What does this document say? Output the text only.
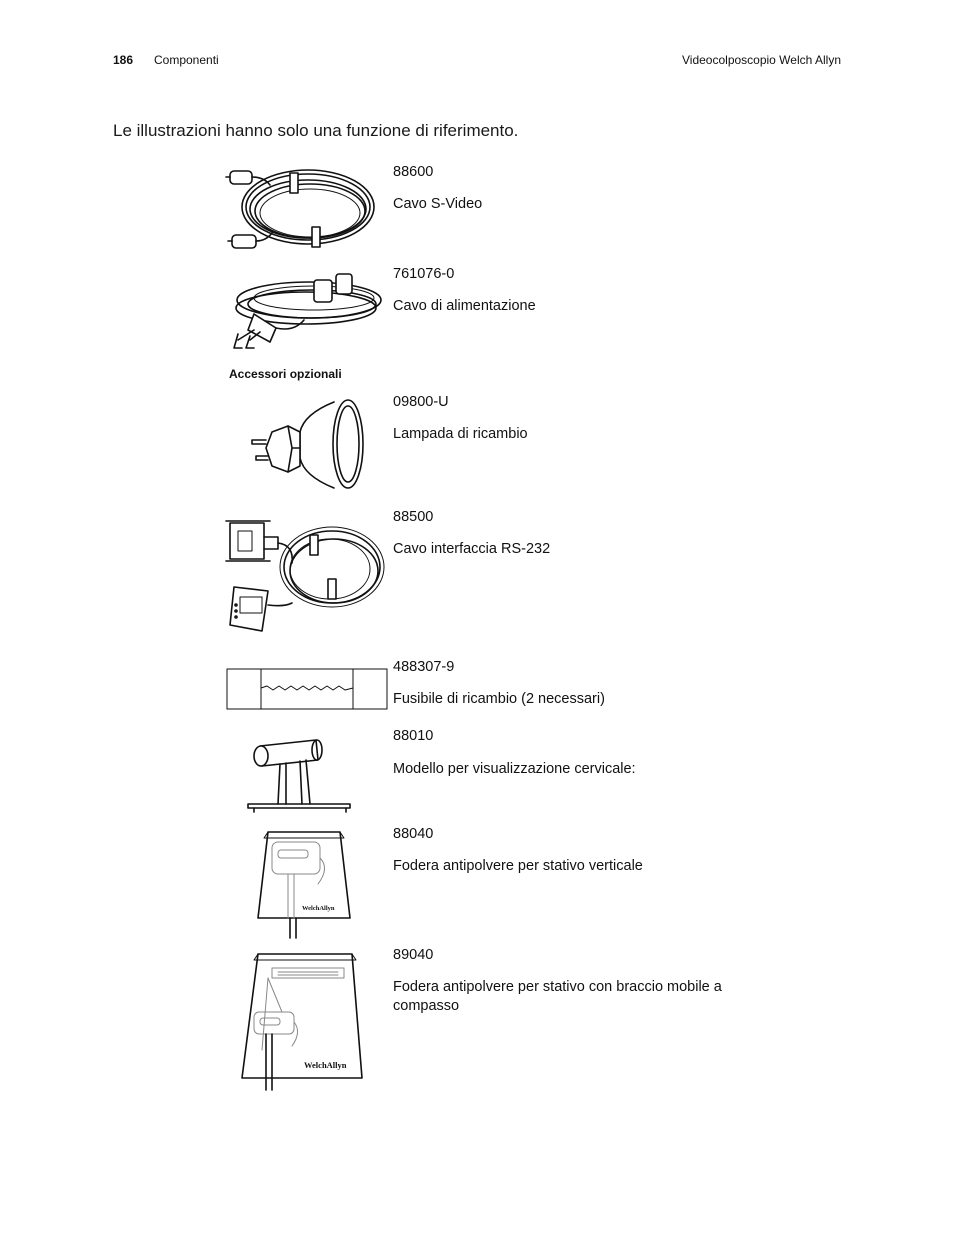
186 Componenti	Videocolposcopio Welch Allyn
Le illustrazioni hanno solo una funzione di riferimento.
88600
Cavo S-Video
761076-0
Cavo di alimentazione
Accessori opzionali
09800-U
Lampada di ricambio
88500
Cavo interfaccia RS-232
488307-9
Fusibile di ricambio (2 necessari)
88010
Modello per visualizzazione cervicale:
WelchAllyn
88040
Fodera antipolvere per stativo verticale
WelchAllyn
89040
Fodera antipolvere per stativo con braccio mobile a compasso
